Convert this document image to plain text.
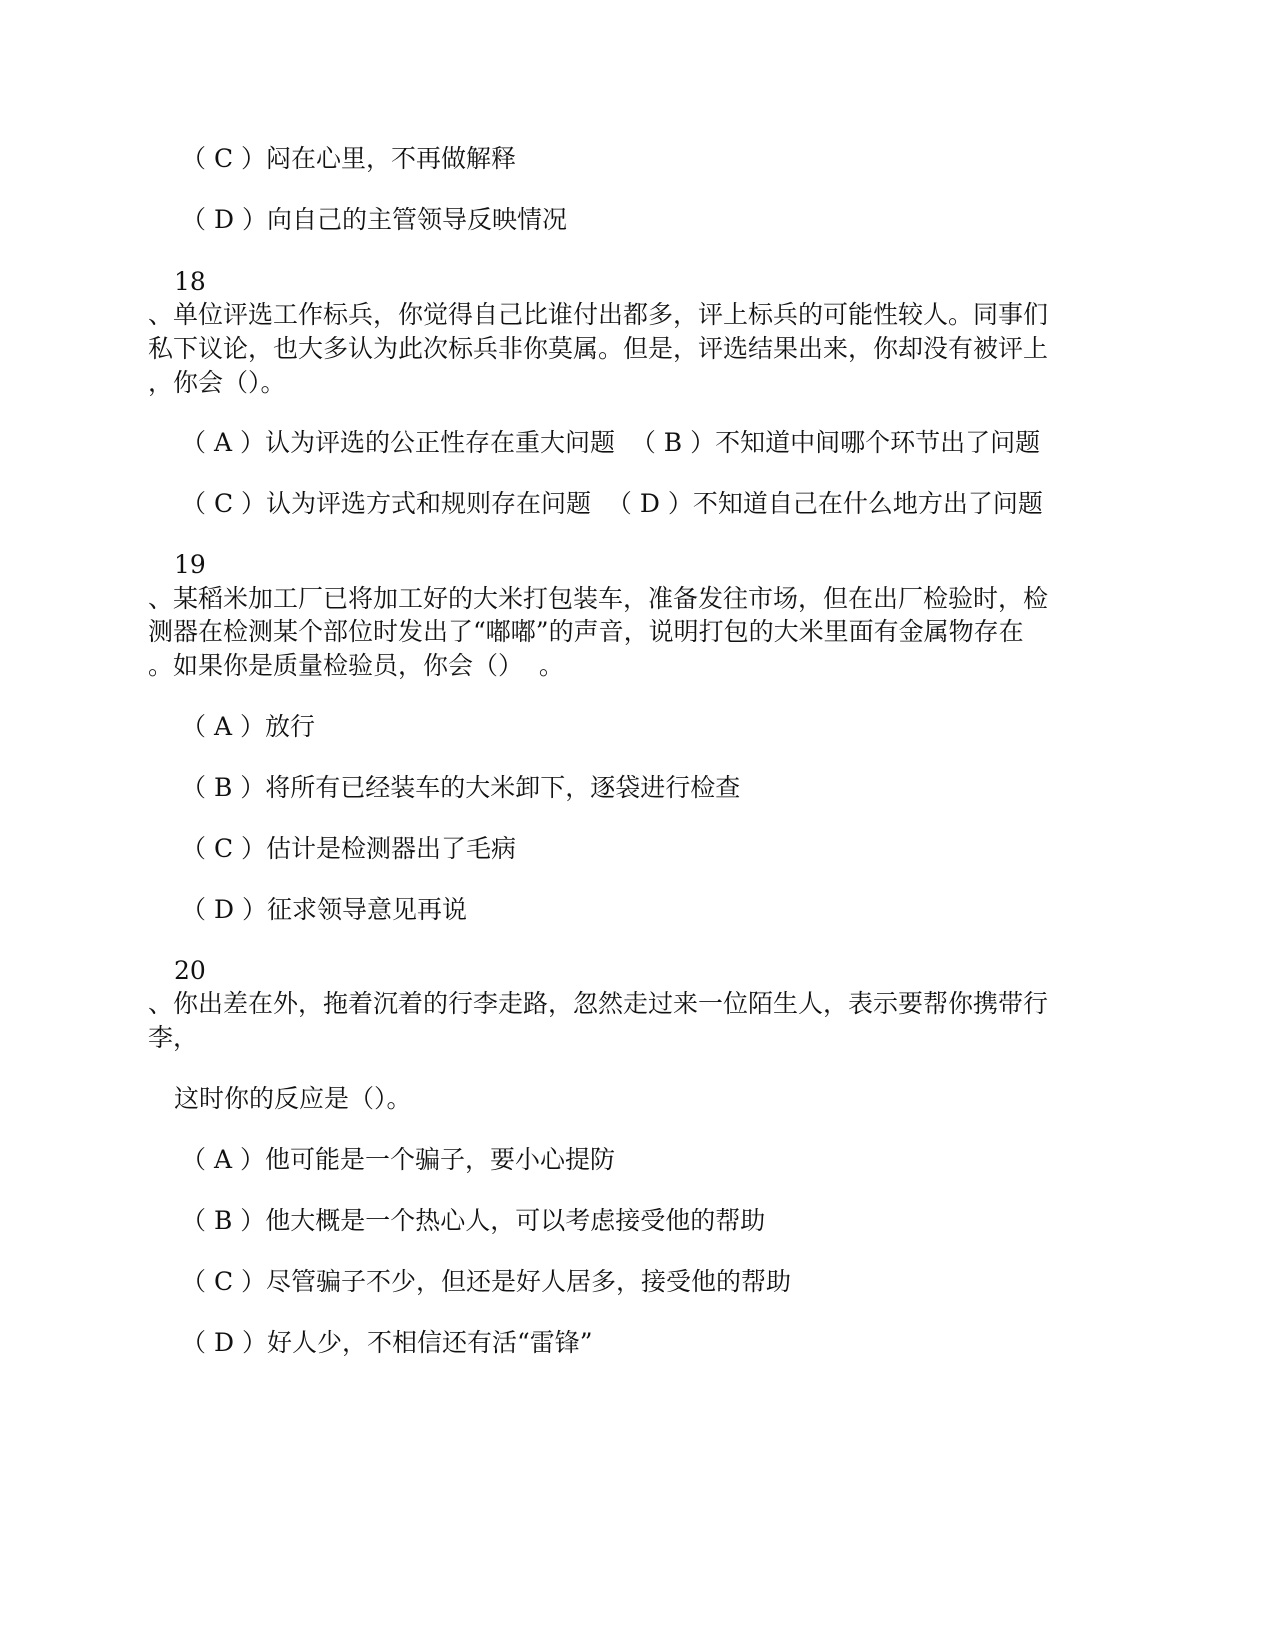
（ C ）闷在心里，不再做解释
（ D ）向自己的主管领导反映情况
18
、单位评选工作标兵，你觉得自己比谁付出都多，评上标兵的可能性较人。同事们
私下议论，也大多认为此次标兵非你莫属。但是，评选结果出来，你却没有被评上
，你会（）。
（ A ）认为评选的公正性存在重大问题  （ B ）不知道中间哪个环节出了问题
（ C ）认为评选方式和规则存在问题  （ D ）不知道自己在什么地方出了问题
19
、某稻米加工厂已将加工好的大米打包装车，准备发往市场，但在出厂检验时，检
测器在检测某个部位时发出了“嘟嘟”的声音，说明打包的大米里面有金属物存在
。如果你是质量检验员，你会（）  。
（ A ）放行
（ B ）将所有已经装车的大米卸下，逐袋进行检查
（ C ）估计是检测器出了毛病
（ D ）征求领导意见再说
20
、你出差在外，拖着沉着的行李走路，忽然走过来一位陌生人，表示要帮你携带行
李，
这时你的反应是（）。
（ A ）他可能是一个骗子，要小心提防
（ B ）他大概是一个热心人，可以考虑接受他的帮助
（ C ）尽管骗子不少，但还是好人居多，接受他的帮助
（ D ）好人少，不相信还有活“雷锋”
